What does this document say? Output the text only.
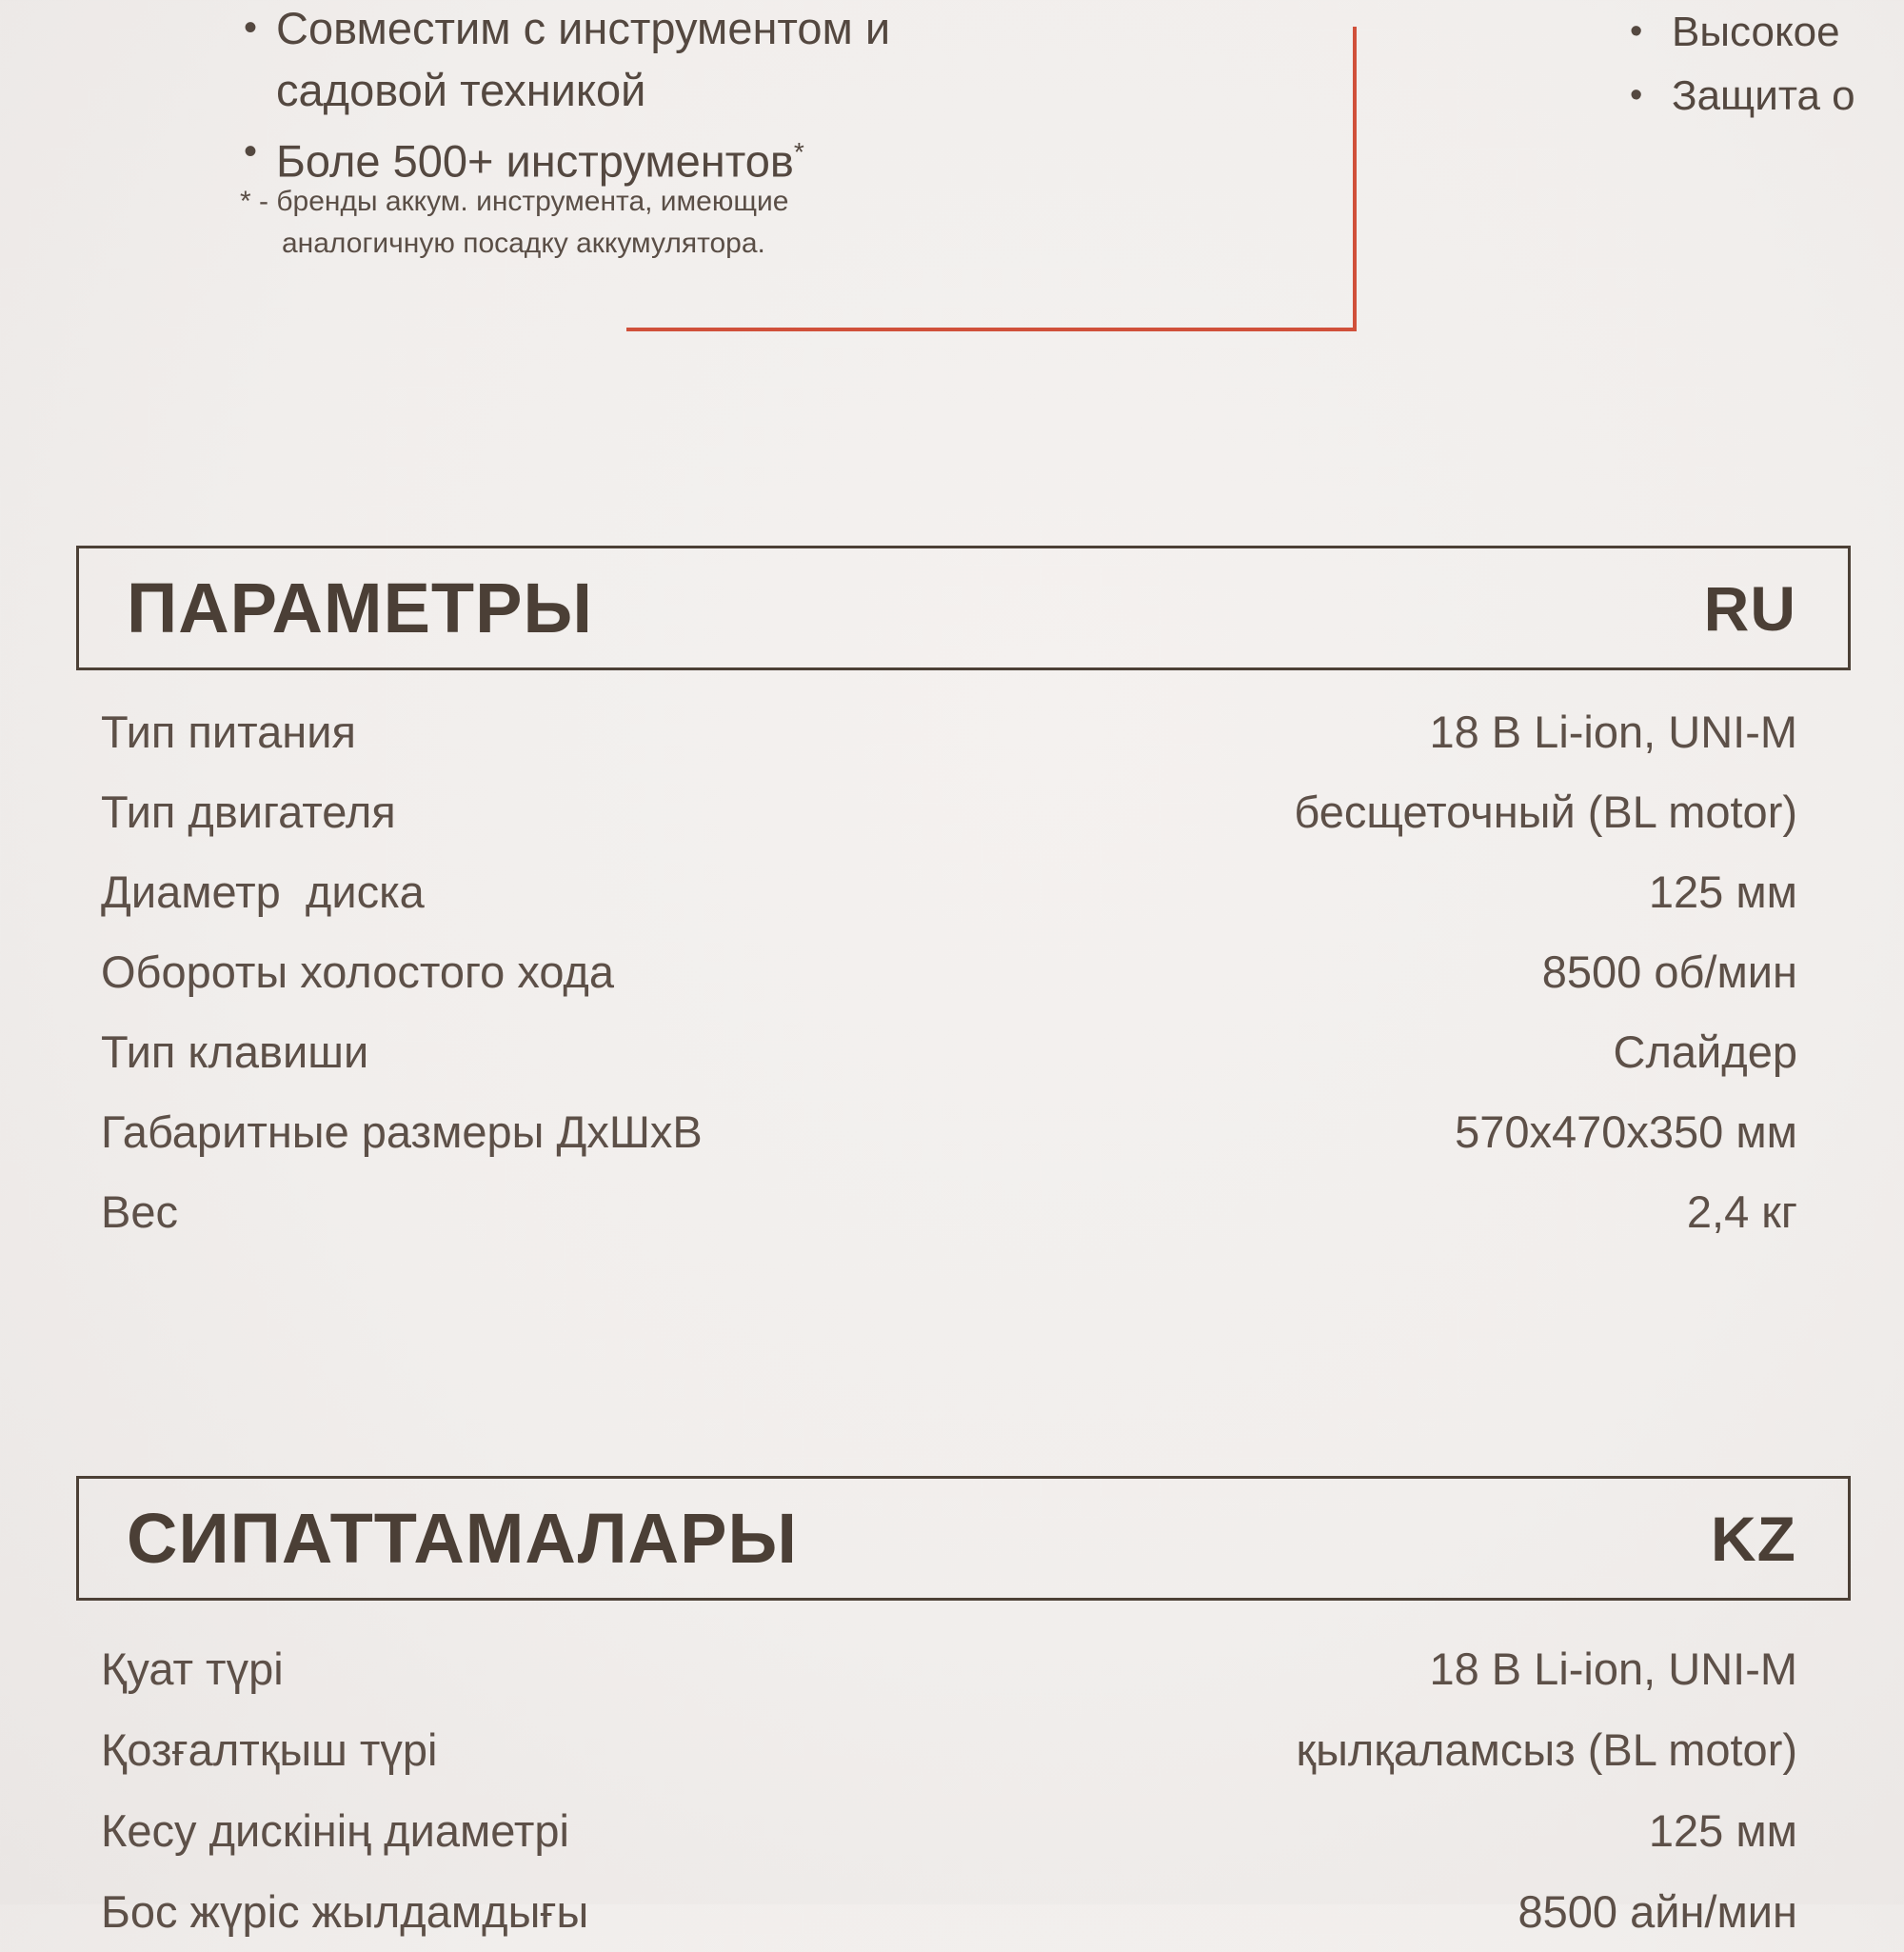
• Совместим с инструментом и
садовой техникой
• Боле 500+ инструментов*
* - бренды аккум. инструмента, имеющие
аналогичную посадку аккумулятора.
• Высокое
• Защита о
ПАРАМЕТРЫ	RU
Тип питания	18 В Li-ion, UNI-M
Тип двигателя	бесщеточный (BL motor)
Диаметр  диска	125 мм
Обороты холостого хода	8500 об/мин
Тип клавиши	Слайдер
Габаритные размеры ДхШхВ	570х470х350 мм
Вес	2,4 кг
СИПАТТАМАЛАРЫ	KZ
Қуат түрі	18 В Li-ion, UNI-M
Қозғалтқыш түрі	қылқаламсыз (BL motor)
Кесу дискінің диаметрі	125 мм
Бос жүріс жылдамдығы	8500 айн/мин
